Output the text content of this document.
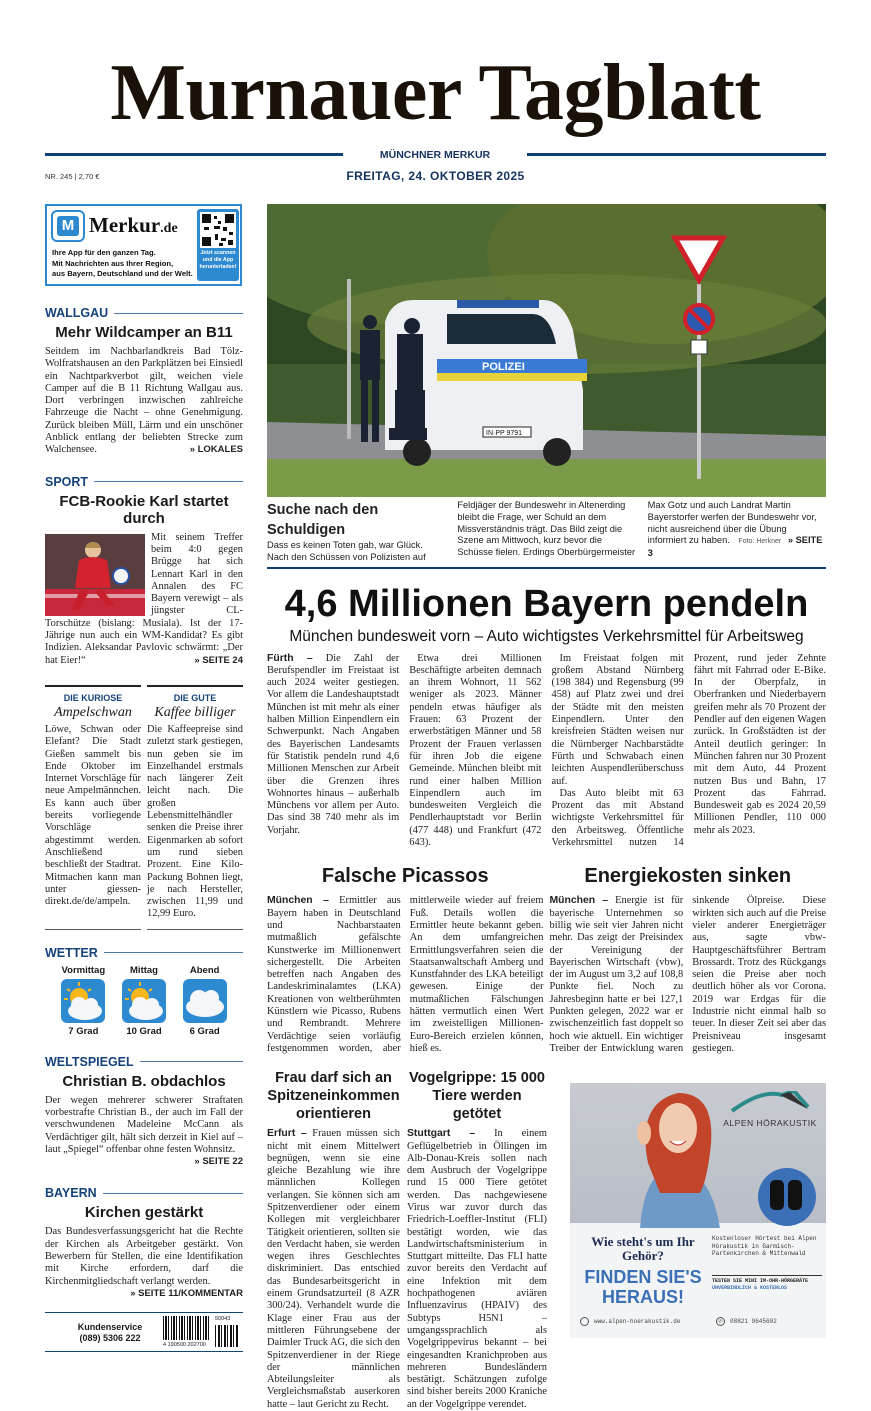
Murnauer Tagblatt
MÜNCHNER MERKUR
FREITAG, 24. OKTOBER 2025
NR. 245 | 2,70 €
M Merkur.de
Ihre App für den ganzen Tag.
Mit Nachrichten aus Ihrer Region,
aus Bayern, Deutschland und der Welt.
Jetzt scannen und die App herunterladen!
WALLGAU
Mehr Wildcamper an B11
Seitdem im Nachbarlandkreis Bad Tölz-Wolfratshausen an den Parkplätzen bei Einsiedl ein Nachtparkverbot gilt, weichen viele Camper auf die B 11 Richtung Wallgau aus. Dort verbringen inzwischen zahlreiche Fahrzeuge die Nacht – ohne Genehmigung. Zurück bleiben Müll, Lärm und ein unschöner Anblick entlang der beliebten Strecke zum Walchensee.	» LOKALES
SPORT
FCB-Rookie Karl startet durch
Mit seinem Treffer beim 4:0 gegen Brügge hat sich Lennart Karl in den Annalen des FC Bayern verewigt – als jüngster CL-Torschütze (bislang: Musiala). Ist der 17-Jährige nun auch ein WM-Kandidat? Es gibt Indizien. Aleksandar Pavlovic schwärmt: „Der hat Eier!“	» SEITE 24
DIE KURIOSE
Ampelschwan
Löwe, Schwan oder Elefant? Die Stadt Gießen sammelt bis Ende Oktober im Internet Vorschläge für neue Ampelmännchen. Es kann auch über bereits vorliegende Vorschläge abgestimmt werden. Anschließend beschließt der Stadtrat. Mitmachen kann man unter giessen-direkt.de/de/ampeln.
DIE GUTE
Kaffee billiger
Die Kaffeepreise sind zuletzt stark gestiegen, nun geben sie im Einzelhandel erstmals nach längerer Zeit leicht nach. Die großen Lebensmittelhändler senken die Preise ihrer Eigenmarken ab sofort um rund sieben Prozent. Eine Kilo-Packung Bohnen liegt, je nach Hersteller, zwischen 11,99 und 12,99 Euro.
WETTER
Vormittag
7 Grad
Mittag
10 Grad
Abend
6 Grad
WELTSPIEGEL
Christian B. obdachlos
Der wegen mehrerer schwerer Straftaten vorbestrafte Christian B., der auch im Fall der verschwundenen Madeleine McCann als Verdächtiger gilt, hält sich derzeit in Kiel auf – laut „Spiegel“ offenbar ohne festen Wohnsitz.
» SEITE 22
BAYERN
Kirchen gestärkt
Das Bundesverfassungsgericht hat die Rechte der Kirchen als Arbeitgeber gestärkt. Von Bewerbern für Stellen, die eine Identifikation mit Kirche erfordern, darf die Kirchenmitgliedschaft verlangt werden.
» SEITE 11/KOMMENTAR
Kundenservice
(089) 5306 222
50043
4 190500 202700
POLIZEI
IN·PP 9791
Suche nach den Schuldigen
Dass es keinen Toten gab, war Glück. Nach den Schüssen von Polizisten auf Feldjäger der Bundeswehr in Altenerding bleibt die Frage, wer Schuld an dem Missverständnis trägt. Das Bild zeigt die Szene am Mittwoch, kurz bevor die Schüsse fielen. Erdings Oberbürgermeister Max Gotz und auch Landrat Martin Bayerstorfer werfen der Bundeswehr vor, nicht ausreichend über die Übung informiert zu haben. Foto: Herkner » SEITE 3
4,6 Millionen Bayern pendeln
München bundesweit vorn – Auto wichtigstes Verkehrsmittel für Arbeitsweg

Fürth – Die Zahl der Berufspendler im Freistaat ist auch 2024 weiter gestiegen. Vor allem die Landeshauptstadt München ist mit mehr als einer halben Million Einpendlern ein Schwerpunkt. Nach Angaben des Bayerischen Landesamts für Statistik pendeln rund 4,6 Millionen Menschen zur Arbeit über die Grenzen ihres Wohnortes hinaus – außerhalb Münchens vor allem per Auto. Das sind 38 740 mehr als im Vorjahr.

Etwa drei Millionen Beschäftigte arbeiten demnach an ihrem Wohnort, 11 562 weniger als 2023. Männer pendeln etwas häufiger als Frauen: 63 Prozent der erwerbstätigen Männer und 58 Prozent der Frauen verlassen für ihren Job die eigene Gemeinde. München bleibt mit rund einer halben Million Einpendlern auch im bundesweiten Vergleich die Pendlerhauptstadt vor Berlin (477 448) und Frankfurt (472 643).

Im Freistaat folgen mit großem Abstand Nürnberg (198 384) und Regensburg (99 458) auf Platz zwei und drei der Städte mit den meisten Einpendlern. Unter den kreisfreien Städten weisen nur die Nürnberger Nachbarstädte Fürth und Schwabach einen leichten Auspendlerüberschuss auf.

Das Auto bleibt mit 63 Prozent das mit Abstand wichtigste Verkehrsmittel für den Arbeitsweg. Öffentliche Verkehrsmittel nutzen 14 Prozent, rund jeder Zehnte fährt mit Fahrrad oder E-Bike. In der Oberpfalz, in Oberfranken und Niederbayern greifen mehr als 70 Prozent der Pendler auf den eigenen Wagen zurück. In Großstädten ist der Anteil deutlich geringer: In München fahren nur 30 Prozent mit dem Auto, 44 Prozent nutzen Bus und Bahn, 17 Prozent das Fahrrad. Bundesweit gab es 2024 20,59 Millionen Pendler, 110 000 mehr als 2023.

Falsche Picassos

München – Ermittler aus Bayern haben in Deutschland und Nachbarstaaten mutmaßlich gefälschte Kunstwerke im Millionenwert sichergestellt. Die Arbeiten betreffen nach Angaben des Landeskriminalamtes (LKA) Kreationen von weltberühmten Künstlern wie Picasso, Rubens und Rembrandt. Mehrere Verdächtige seien vorläufig festgenommen worden, aber mittlerweile wieder auf freiem Fuß. Details wollen die Ermittler heute bekannt geben. An dem umfangreichen Ermittlungsverfahren seien die Staatsanwaltschaft Amberg und Kunstfahnder des LKA beteiligt gewesen. Einige der mutmaßlichen Fälschungen hätten vermutlich einen Wert im zweistelligen Millionen-Euro-Bereich erzielen können, hieß es.

Energiekosten sinken

München – Energie ist für bayerische Unternehmen so billig wie seit vier Jahren nicht mehr. Das zeigt der Preisindex der Vereinigung der Bayerischen Wirtschaft (vbw), der im August um 3,2 auf 108,8 Punkte fiel. Noch zu Jahresbeginn hatte er bei 127,1 Punkten gelegen, 2022 war er zwischenzeitlich fast doppelt so hoch wie aktuell. Ein wichtiger Treiber der Entwicklung waren sinkende Ölpreise. Diese wirkten sich auch auf die Preise vieler anderer Energieträger aus, sagte vbw-Hauptgeschäftsführer Bertram Brossardt. Trotz des Rückgangs seien die Preise aber noch deutlich höher als vor Corona. 2019 war Erdgas für die Industrie nicht einmal halb so teuer. In dieser Zeit sei aber das Preisniveau insgesamt gestiegen.

Frau darf sich an Spitzeneinkommen orientieren
Erfurt – Frauen müssen sich nicht mit einem Mittelwert begnügen, wenn sie eine gleiche Bezahlung wie ihre männlichen Kollegen verlangen. Sie können sich am Spitzenverdiener oder einem Kollegen mit vergleichbarer Tätigkeit orientieren, sollten sie den Verdacht haben, sie werden wegen ihres Geschlechtes diskriminiert. Das entschied das Bundesarbeitsgericht in einem Grundsatzurteil (8 AZR 300/24). Verhandelt wurde die Klage einer Frau aus der mittleren Führungsebene der Daimler Truck AG, die sich den Spitzenverdiener in der Riege der männlichen Abteilungsleiter als Vergleichsmaßstab auserkoren hatte – laut Gericht zu Recht.
Vogelgrippe: 15 000 Tiere werden getötet
Stuttgart – In einem Geflügelbetrieb in Öllingen im Alb-Donau-Kreis sollen nach dem Ausbruch der Vogelgrippe rund 15 000 Tiere getötet werden. Das nachgewiesene Virus war zuvor durch das Friedrich-Loeffler-Institut (FLI) bestätigt worden, wie das Landwirtschaftsministerium in Stuttgart mitteilte. Das FLI hatte zuvor bereits den Verdacht auf eine Infektion mit dem hochpathogenen aviären Influenzavirus (HPAIV) des Subtyps H5N1 – umgangssprachlich als Vogelgrippevirus bekannt – bei eingesandten Kranichproben aus mehreren Bundesländern bestätigt. Schätzungen zufolge sind bisher bereits 2000 Kraniche an der Vogelgrippe verendet.
ALPEN HÖRAKUSTIK
Wie steht's um Ihr Gehör?
FINDEN SIE'S HERAUS!
Kostenloser Hörtest bei Alpen Hörakustik in Garmisch-Partenkirchen & Mittenwald
TESTEN SIE MINI IM-OHR-HÖRGERÄTE
UNVERBINDLICH & KOSTENLOS
www.alpen-hoerakustik.de	✆ 08821 9645602
